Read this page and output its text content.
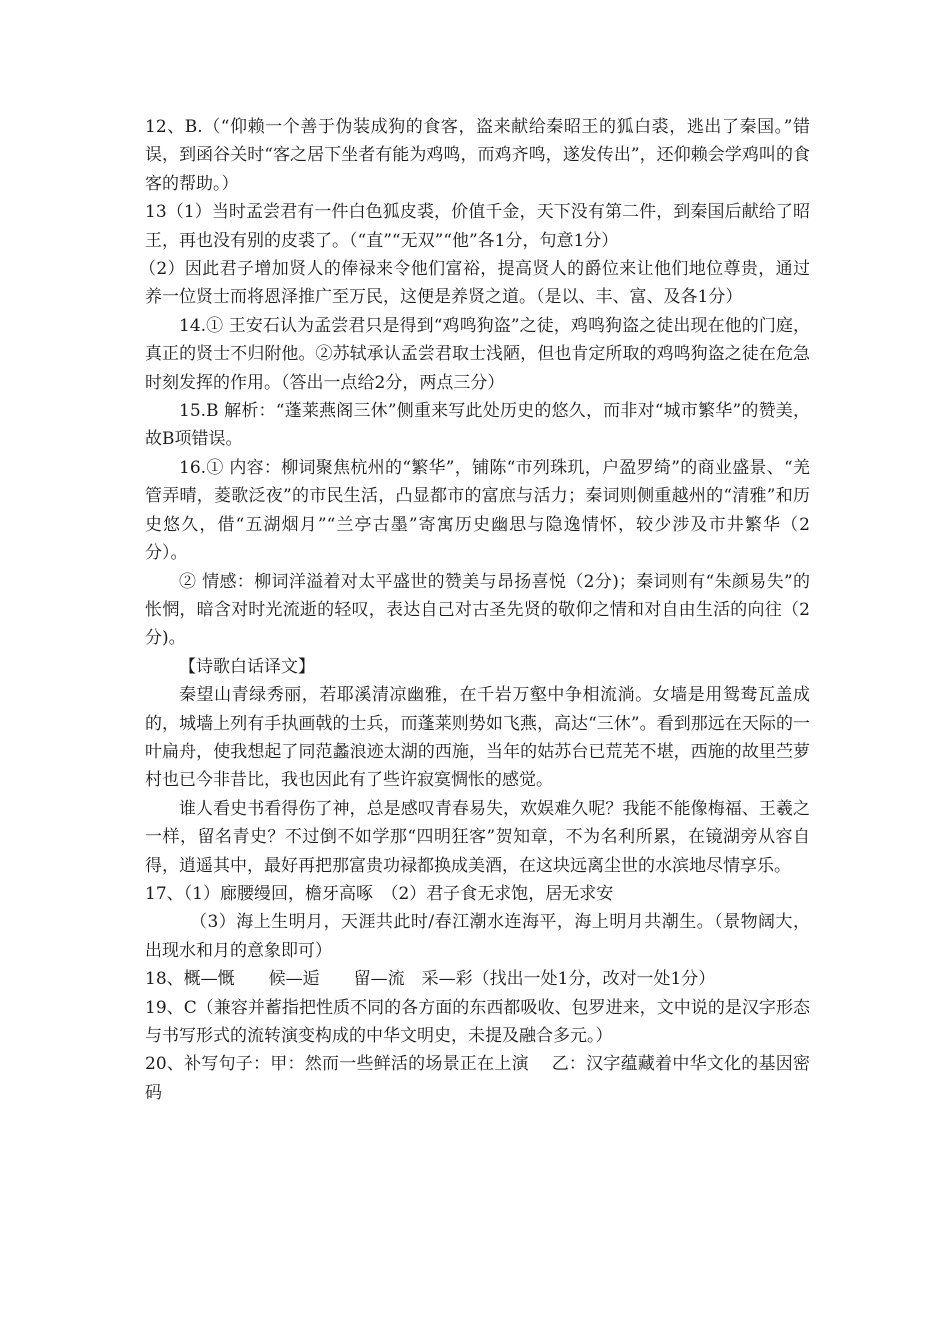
12、B.（“仰赖一个善于伪装成狗的食客，盗来献给秦昭王的狐白裘，逃出了秦国。”错误，到函谷关时“客之居下坐者有能为鸡鸣，而鸡齐鸣，遂发传出”，还仰赖会学鸡叫的食客的帮助。）

13（1）当时孟尝君有一件白色狐皮裘，价值千金，天下没有第二件，到秦国后献给了昭王，再也没有别的皮裘了。（“直”“无双”“他”各1分，句意1分）

（2）因此君子增加贤人的俸禄来令他们富裕，提高贤人的爵位来让他们地位尊贵，通过养一位贤士而将恩泽推广至万民，这便是养贤之道。（是以、丰、富、及各1分）

14.① 王安石认为孟尝君只是得到“鸡鸣狗盗”之徒，鸡鸣狗盗之徒出现在他的门庭，真正的贤士不归附他。②苏轼承认孟尝君取士浅陋，但也肯定所取的鸡鸣狗盗之徒在危急时刻发挥的作用。（答出一点给2分，两点三分）

15.B 解析：“蓬莱燕阁三休”侧重来写此处历史的悠久，而非对“城市繁华”的赞美，故B项错误。

16.① 内容：柳词聚焦杭州的“繁华”，铺陈“市列珠玑，户盈罗绮”的商业盛景、“羌管弄晴，菱歌泛夜”的市民生活，凸显都市的富庶与活力；秦词则侧重越州的“清雅”和历史悠久，借“五湖烟月”“兰亭古墨”寄寓历史幽思与隐逸情怀，较少涉及市井繁华（2分）。

② 情感：柳词洋溢着对太平盛世的赞美与昂扬喜悦（2分)；秦词则有“朱颜易失”的怅惘，暗含对时光流逝的轻叹，表达自己对古圣先贤的敬仰之情和对自由生活的向往（2分)。

【诗歌白话译文】

秦望山青绿秀丽，若耶溪清凉幽雅，在千岩万壑中争相流淌。女墙是用鸳鸯瓦盖成的，城墙上列有手执画戟的士兵，而蓬莱则势如飞燕，高达“三休”。看到那远在天际的一叶扁舟，使我想起了同范蠡浪迹太湖的西施，当年的姑苏台已荒芜不堪，西施的故里苎萝村也已今非昔比，我也因此有了些许寂寞惆怅的感觉。

谁人看史书看得伤了神，总是感叹青春易失，欢娱难久呢？我能不能像梅福、王羲之一样，留名青史？不过倒不如学那“四明狂客”贺知章，不为名利所累，在镜湖旁从容自得，逍遥其中，最好再把那富贵功禄都换成美酒，在这块远离尘世的水滨地尽情享乐。

17、（1）廊腰缦回，檐牙高啄　（2）君子食无求饱，居无求安

（3）海上生明月，天涯共此时/春江潮水连海平，海上明月共潮生。（景物阔大，出现水和月的意象即可）

18、概—慨　　候—逅　　留—流　采—彩（找出一处1分，改对一处1分）

19、C（兼容并蓄指把性质不同的各方面的东西都吸收、包罗进来，文中说的是汉字形态与书写形式的流转演变构成的中华文明史，未提及融合多元。）

20、补写句子：甲：然而一些鲜活的场景正在上演　 乙：汉字蕴藏着中华文化的基因密码
